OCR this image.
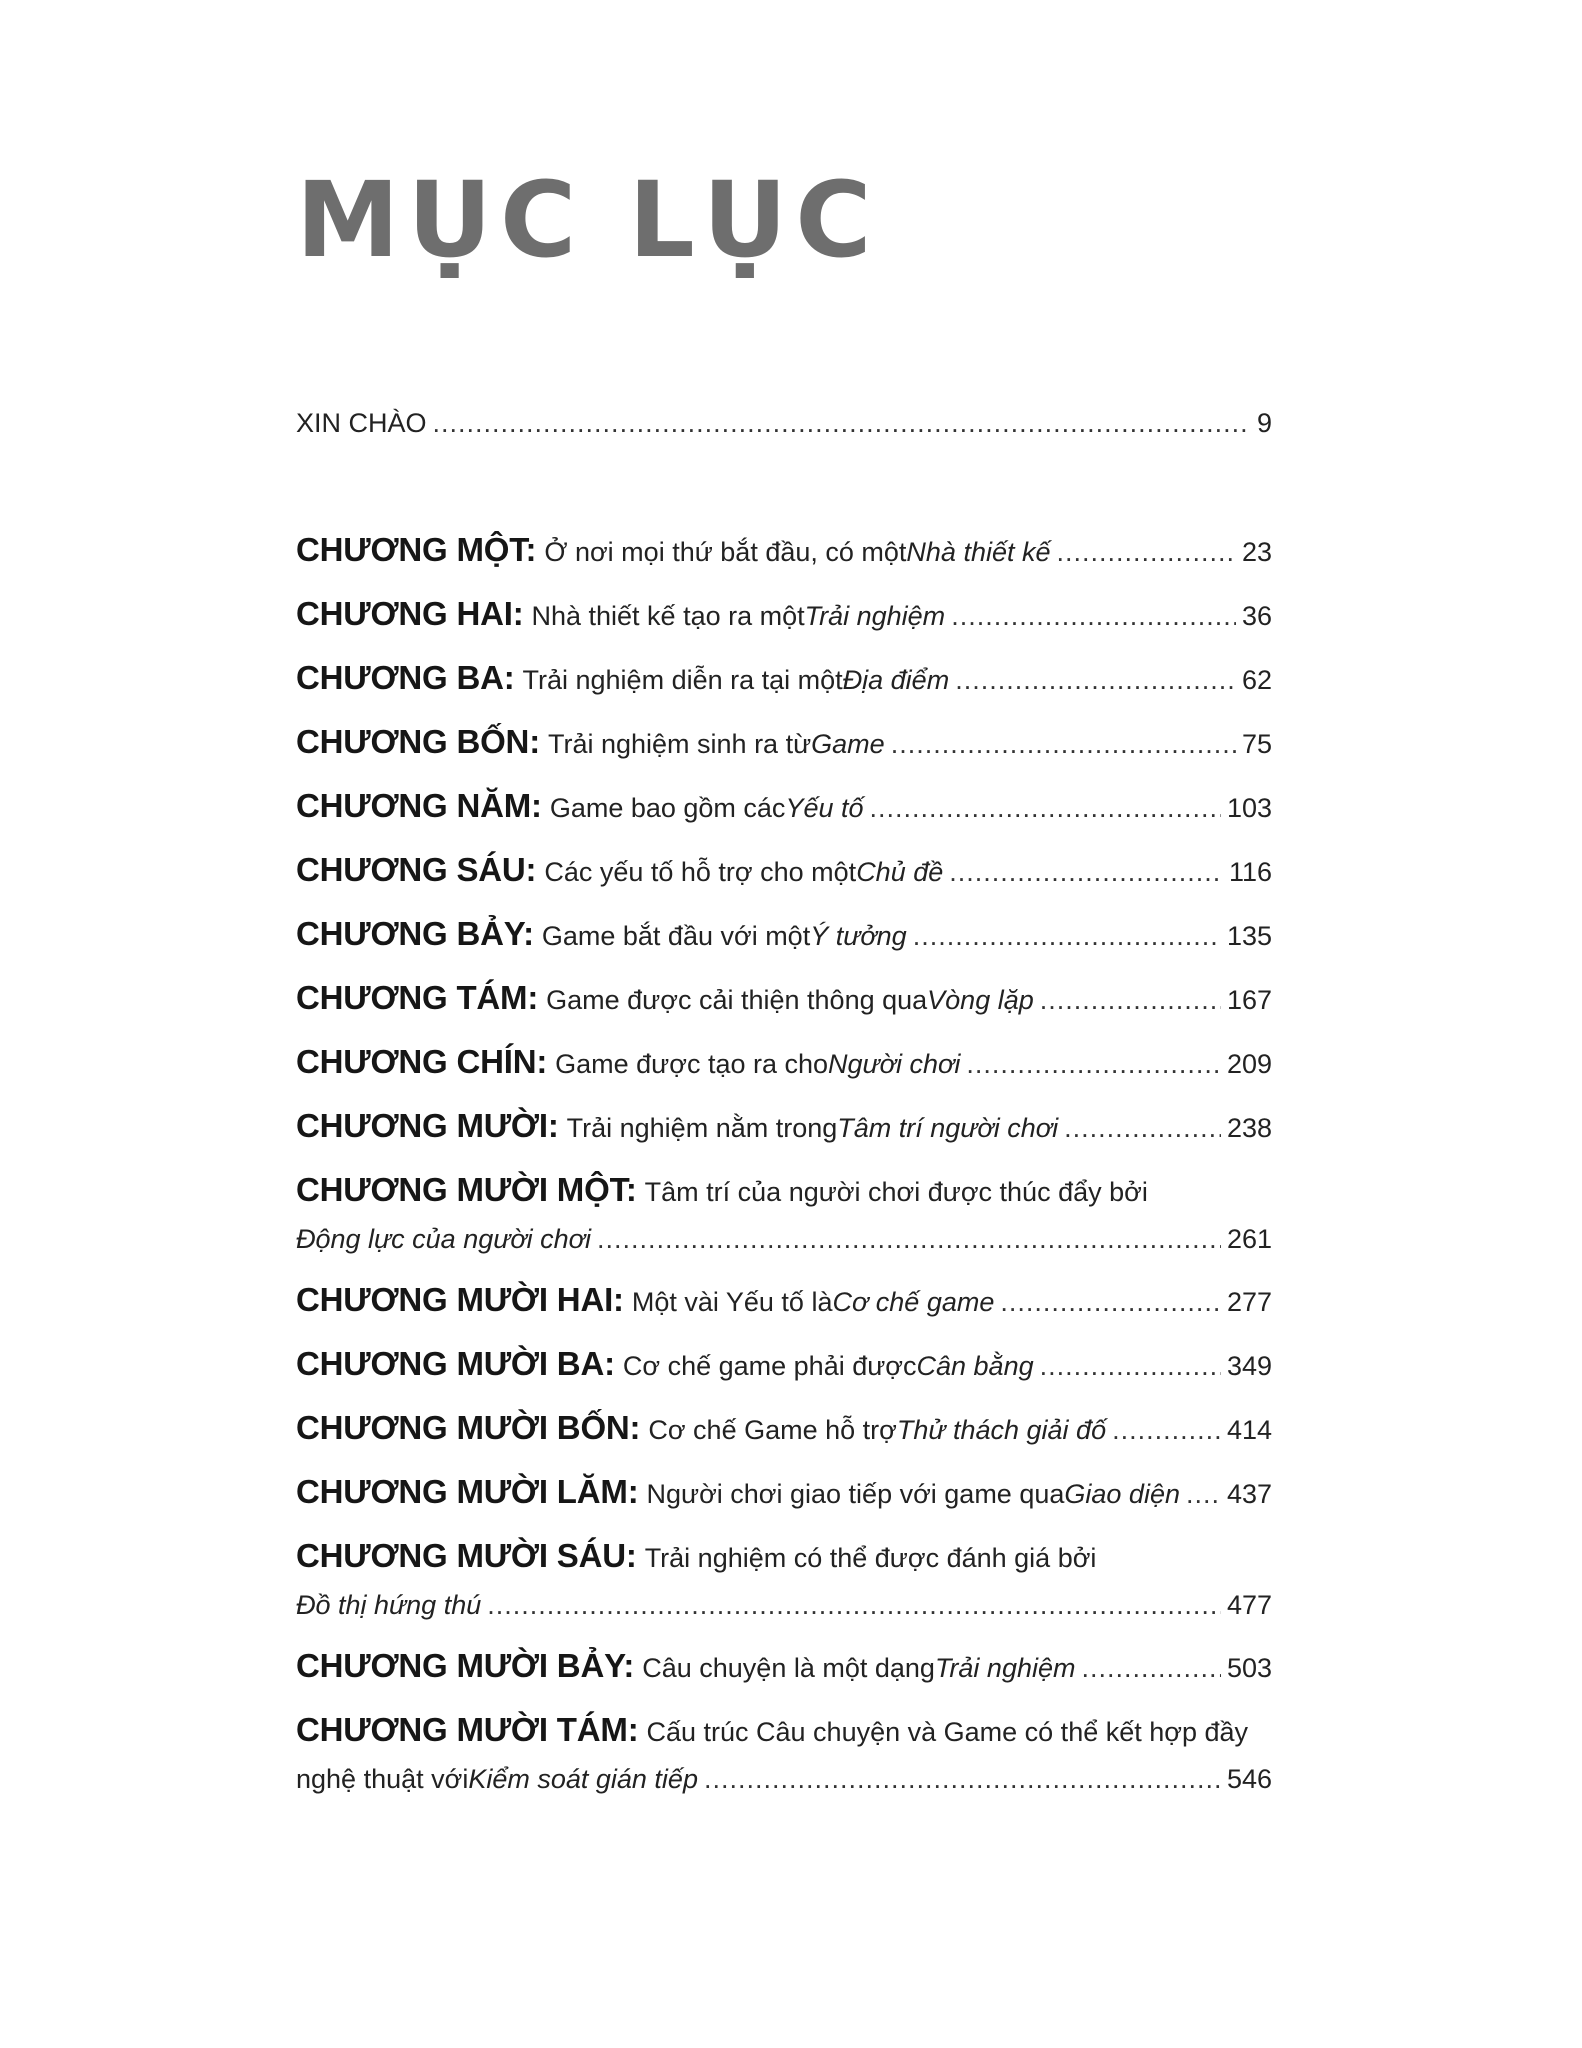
MỤC LỤC
XIN CHÀO .....	9
CHƯƠNG MỘT: Ở nơi mọi thứ bắt đầu, có một Nhà thiết kế .....	23
CHƯƠNG HAI: Nhà thiết kế tạo ra một Trải nghiệm .....	36
CHƯƠNG BA: Trải nghiệm diễn ra tại một Địa điểm .....	62
CHƯƠNG BỐN: Trải nghiệm sinh ra từ Game .....	75
CHƯƠNG NĂM: Game bao gồm các Yếu tố .....	103
CHƯƠNG SÁU: Các yếu tố hỗ trợ cho một Chủ đề .....	116
CHƯƠNG BẢY: Game bắt đầu với một Ý tưởng .....	135
CHƯƠNG TÁM: Game được cải thiện thông qua Vòng lặp .....	167
CHƯƠNG CHÍN: Game được tạo ra cho Người chơi .....	209
CHƯƠNG MƯỜI: Trải nghiệm nằm trong Tâm trí người chơi .....	238
CHƯƠNG MƯỜI MỘT: Tâm trí của người chơi được thúc đẩy bởi
Động lực của người chơi .....	261
CHƯƠNG MƯỜI HAI: Một vài Yếu tố là Cơ chế game .....	277
CHƯƠNG MƯỜI BA: Cơ chế game phải được Cân bằng .....	349
CHƯƠNG MƯỜI BỐN: Cơ chế Game hỗ trợ Thử thách giải đố .....	414
CHƯƠNG MƯỜI LĂM: Người chơi giao tiếp với game qua Giao diện ..... 437
CHƯƠNG MƯỜI SÁU: Trải nghiệm có thể được đánh giá bởi
Đồ thị hứng thú .....	477
CHƯƠNG MƯỜI BẢY: Câu chuyện là một dạng Trải nghiệm .....	503
CHƯƠNG MƯỜI TÁM: Cấu trúc Câu chuyện và Game có thể kết hợp đầy
nghệ thuật với Kiểm soát gián tiếp .....	546
